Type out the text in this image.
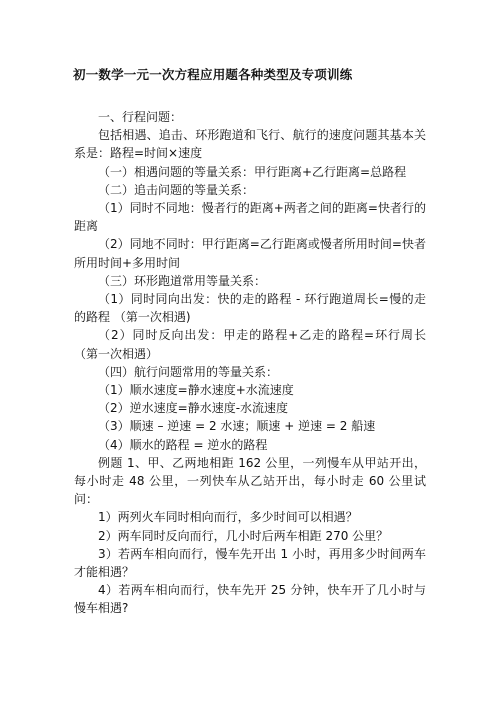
初一数学一元一次方程应用题各种类型及专项训练

一、行程问题：

包括相遇、追击、环形跑道和飞行、航行的速度问题其基本关系是：路程=时间×速度

（一）相遇问题的等量关系：甲行距离+乙行距离=总路程

（二）追击问题的等量关系：

（1）同时不同地：慢者行的距离+两者之间的距离=快者行的距离

（2）同地不同时：甲行距离=乙行距离或慢者所用时间=快者所用时间+多用时间

（三）环形跑道常用等量关系：

（1）同时同向出发：快的走的路程 - 环行跑道周长=慢的走的路程 （第一次相遇)

（2）同时反向出发：甲走的路程+乙走的路程=环行周长 （第一次相遇）

（四）航行问题常用的等量关系：

（1）顺水速度=静水速度+水流速度

（2）逆水速度=静水速度-水流速度

（3）顺速 – 逆速 = 2 水速；顺速 + 逆速 = 2 船速

（4）顺水的路程 = 逆水的路程

例题 1、甲、乙两地相距 162 公里，一列慢车从甲站开出，每小时走 48 公里，一列快车从乙站开出，每小时走 60 公里试问：

1）两列火车同时相向而行，多少时间可以相遇？

2）两车同时反向而行，几小时后两车相距 270 公里？

3）若两车相向而行，慢车先开出 1 小时，再用多少时间两车才能相遇？

4）若两车相向而行，快车先开 25 分钟，快车开了几小时与慢车相遇?
